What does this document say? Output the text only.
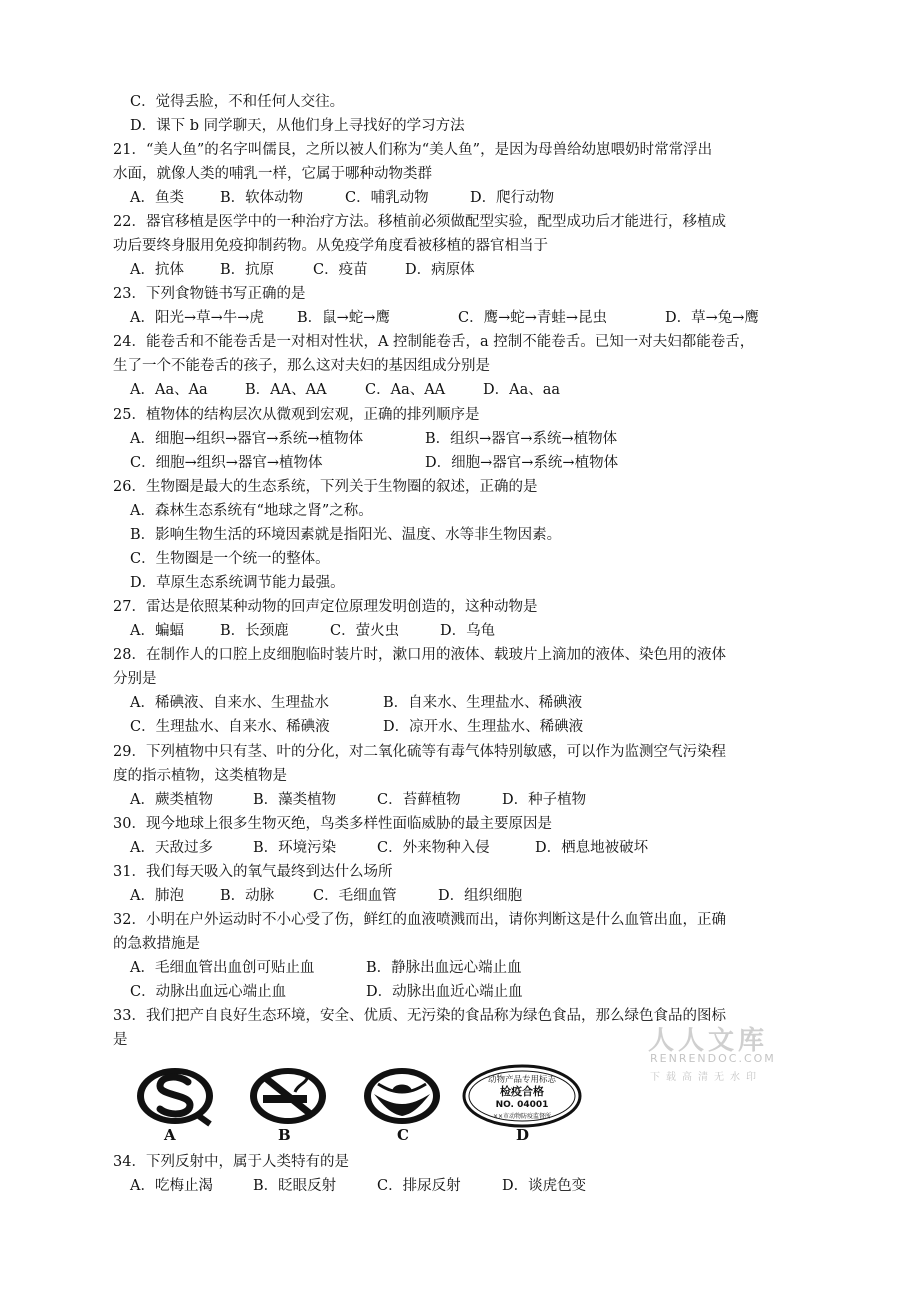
C．觉得丢脸，不和任何人交往。
D．课下 b 同学聊天，从他们身上寻找好的学习方法
21．“美人鱼”的名字叫儒艮，之所以被人们称为“美人鱼”，是因为母兽给幼崽喂奶时常常浮出
水面，就像人类的哺乳一样，它属于哪种动物类群
A．鱼类 B．软体动物	C．哺乳动物	D．爬行动物
22．器官移植是医学中的一种治疗方法。移植前必须做配型实验，配型成功后才能进行，移植成
功后要终身服用免疫抑制药物。从免疫学角度看被移植的器官相当于
A．抗体 B．抗原	C．疫苗	D．病原体
23．下列食物链书写正确的是
A．阳光→草→牛→虎 B．鼠→蛇→鹰	C．鹰→蛇→青蛙→昆虫	D．草→兔→鹰
24．能卷舌和不能卷舌是一对相对性状，A 控制能卷舌，a 控制不能卷舌。已知一对夫妇都能卷舌，
生了一个不能卷舌的孩子，那么这对夫妇的基因组成分别是
A．Aa、Aa	B．AA、AA	C．Aa、AA	D．Aa、aa
25．植物体的结构层次从微观到宏观，正确的排列顺序是
A．细胞→组织→器官→系统→植物体	B．组织→器官→系统→植物体
C．细胞→组织→器官→植物体	D．细胞→器官→系统→植物体
26．生物圈是最大的生态系统，下列关于生物圈的叙述，正确的是
A．森林生态系统有“地球之肾”之称。
B．影响生物生活的环境因素就是指阳光、温度、水等非生物因素。
C．生物圈是一个统一的整体。
D．草原生态系统调节能力最强。
27．雷达是依照某种动物的回声定位原理发明创造的，这种动物是
A．蝙蝠 B．长颈鹿	C．萤火虫	D．乌龟
28．在制作人的口腔上皮细胞临时装片时，漱口用的液体、载玻片上滴加的液体、染色用的液体
分别是
A．稀碘液、自来水、生理盐水	B．自来水、生理盐水、稀碘液
C．生理盐水、自来水、稀碘液	D．凉开水、生理盐水、稀碘液
29．下列植物中只有茎、叶的分化，对二氧化硫等有毒气体特别敏感，可以作为监测空气污染程
度的指示植物，这类植物是
A．蕨类植物	B．藻类植物	C．苔藓植物	D．种子植物
30．现今地球上很多生物灭绝，鸟类多样性面临威胁的最主要原因是
A．天敌过多	B．环境污染	C．外来物种入侵	D．栖息地被破坏
31．我们每天吸入的氧气最终到达什么场所
A．肺泡 B．动脉	C．毛细血管	D．组织细胞
32．小明在户外运动时不小心受了伤，鲜红的血液喷溅而出，请你判断这是什么血管出血，正确
的急救措施是
A．毛细血管出血创可贴止血	B．静脉出血远心端止血
C．动脉出血远心端止血	D．动脉出血近心端止血
33．我们把产自良好生态环境，安全、优质、无污染的食品称为绿色食品，那么绿色食品的图标
是
动物产品专用标志
检疫合格
NO. 04001
××市动物防疫监督所
A	B	C	D
人人文库
RENRENDOC.COM
下载高清无水印
34．下列反射中，属于人类特有的是
A．吃梅止渴	B．眨眼反射	C．排尿反射	D．谈虎色变
